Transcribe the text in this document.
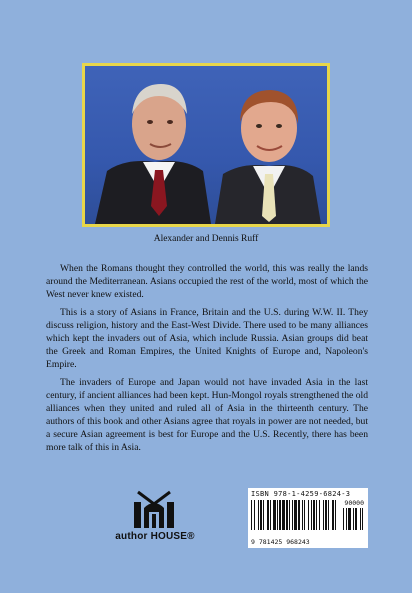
Alexander and Dennis Ruff

When the Romans thought they controlled the world, this was really the lands around the Mediterranean. Asians occupied the rest of the world, most of which the West never knew existed.

This is a story of Asians in France, Britain and the U.S. during W.W. II. They discuss religion, history and the East-West Divide. There used to be many alliances which kept the invaders out of Asia, which include Russia. Asian groups did beat the Greek and Roman Empires, the United Knights of Europe and, Napoleon's Empire.

The invaders of Europe and Japan would not have invaded Asia in the last century, if ancient alliances had been kept. Hun-Mongol royals strengthened the old alliances when they united and ruled all of Asia in the thirteenth century. The authors of this book and other Asians agree that royals in power are not needed, but a secure Asian agreement is best for Europe and the U.S. Recently, there has been more talk of this in Asia.

author HOUSE®
ISBN 978-1-4259-6824-3
90000
9 781425 968243
